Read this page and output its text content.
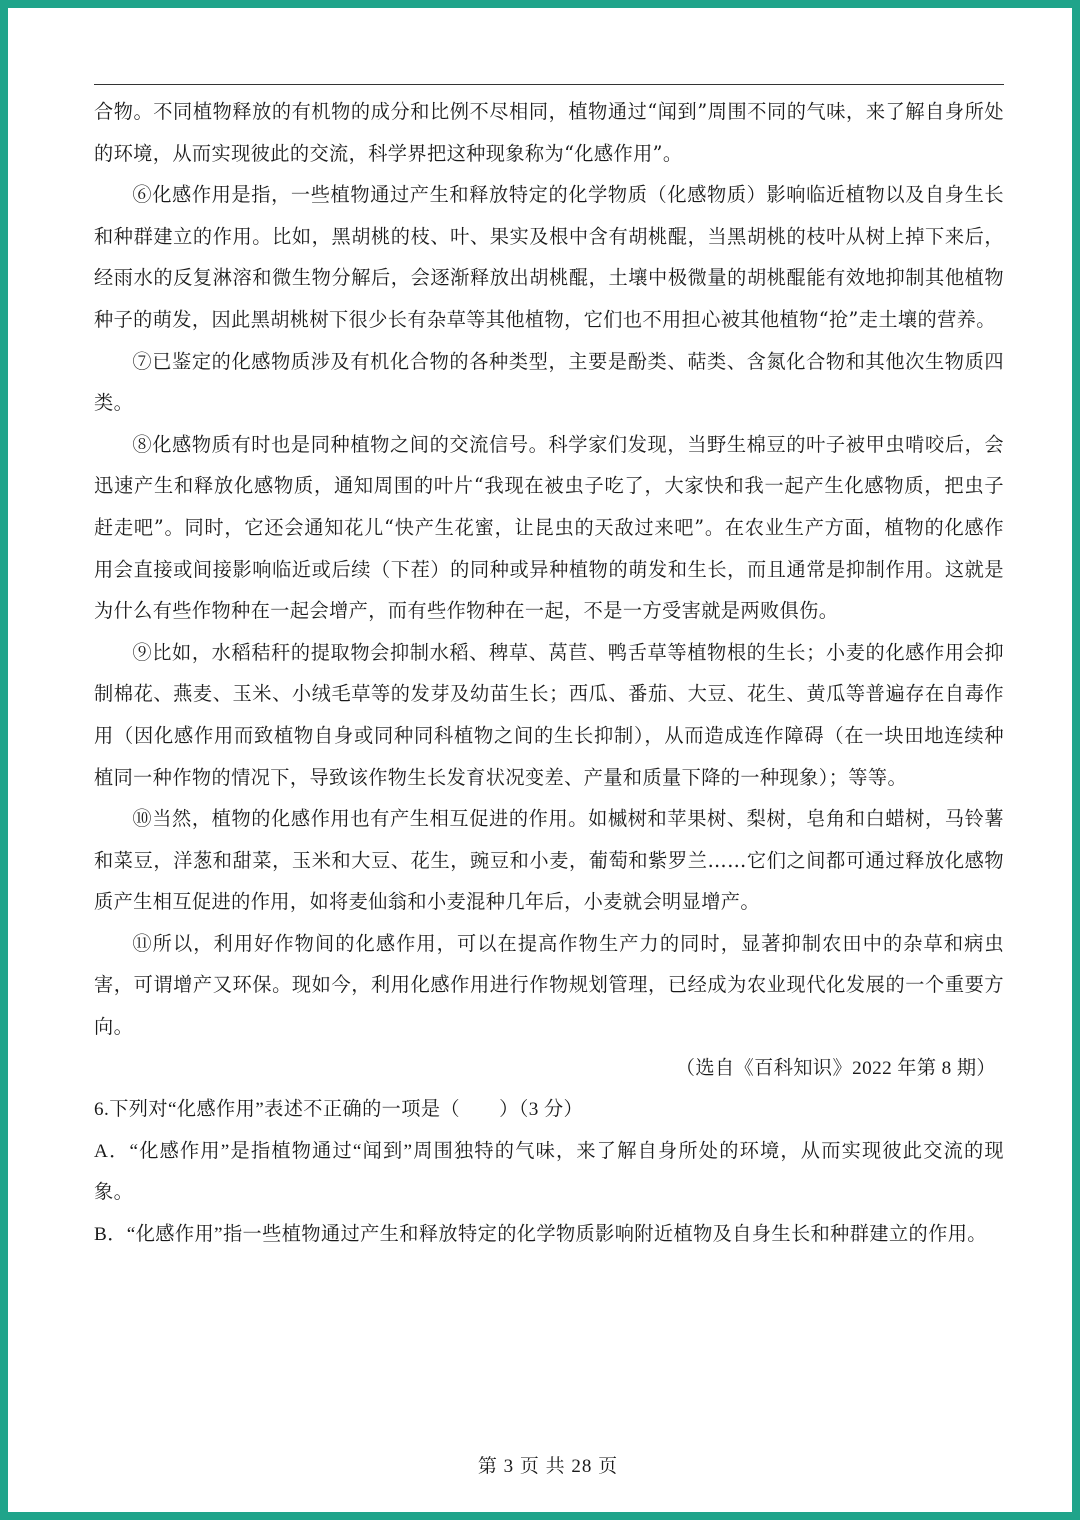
合物。不同植物释放的有机物的成分和比例不尽相同，植物通过“闻到”周围不同的气味，来了解自身所处的环境，从而实现彼此的交流，科学界把这种现象称为“化感作用”。

⑥化感作用是指，一些植物通过产生和释放特定的化学物质（化感物质）影响临近植物以及自身生长和种群建立的作用。比如，黑胡桃的枝、叶、果实及根中含有胡桃醌，当黑胡桃的枝叶从树上掉下来后，经雨水的反复淋溶和微生物分解后，会逐渐释放出胡桃醌，土壤中极微量的胡桃醌能有效地抑制其他植物种子的萌发，因此黑胡桃树下很少长有杂草等其他植物，它们也不用担心被其他植物“抢”走土壤的营养。

⑦已鉴定的化感物质涉及有机化合物的各种类型，主要是酚类、萜类、含氮化合物和其他次生物质四类。

⑧化感物质有时也是同种植物之间的交流信号。科学家们发现，当野生棉豆的叶子被甲虫啃咬后，会迅速产生和释放化感物质，通知周围的叶片“我现在被虫子吃了，大家快和我一起产生化感物质，把虫子赶走吧”。同时，它还会通知花儿“快产生花蜜，让昆虫的天敌过来吧”。在农业生产方面，植物的化感作用会直接或间接影响临近或后续（下茬）的同种或异种植物的萌发和生长，而且通常是抑制作用。这就是为什么有些作物种在一起会增产，而有些作物种在一起，不是一方受害就是两败俱伤。

⑨比如，水稻秸秆的提取物会抑制水稻、稗草、莴苣、鸭舌草等植物根的生长；小麦的化感作用会抑制棉花、燕麦、玉米、小绒毛草等的发芽及幼苗生长；西瓜、番茄、大豆、花生、黄瓜等普遍存在自毒作用（因化感作用而致植物自身或同种同科植物之间的生长抑制），从而造成连作障碍（在一块田地连续种植同一种作物的情况下，导致该作物生长发育状况变差、产量和质量下降的一种现象）；等等。

⑩当然，植物的化感作用也有产生相互促进的作用。如槭树和苹果树、梨树，皂角和白蜡树，马铃薯和菜豆，洋葱和甜菜，玉米和大豆、花生，豌豆和小麦，葡萄和紫罗兰……它们之间都可通过释放化感物质产生相互促进的作用，如将麦仙翁和小麦混种几年后，小麦就会明显增产。

⑪所以，利用好作物间的化感作用，可以在提高作物生产力的同时，显著抑制农田中的杂草和病虫害，可谓增产又环保。现如今，利用化感作用进行作物规划管理，已经成为农业现代化发展的一个重要方向。

（选自《百科知识》2022 年第 8 期）

6.下列对“化感作用”表述不正确的一项是（　　）（3 分）

A．“化感作用”是指植物通过“闻到”周围独特的气味，来了解自身所处的环境，从而实现彼此交流的现象。

B．“化感作用”指一些植物通过产生和释放特定的化学物质影响附近植物及自身生长和种群建立的作用。

第 3 页 共 28 页
